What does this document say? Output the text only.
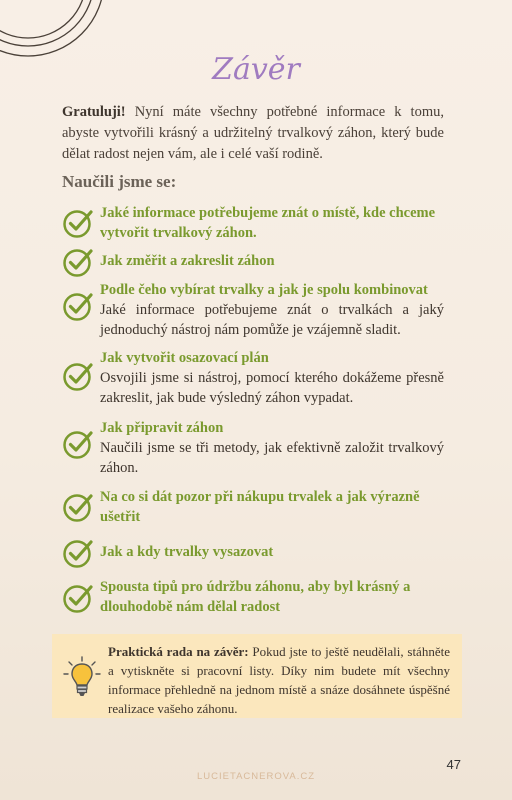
Závěr
Gratuluji! Nyní máte všechny potřebné informace k tomu, abyste vytvořili krásný a udržitelný trvalkový záhon, který bude dělat radost nejen vám, ale i celé vaší rodině.
Naučili jsme se:
Jaké informace potřebujeme znát o místě, kde chceme vytvořit trvalkový záhon.
Jak změřit a zakreslit záhon
Podle čeho vybírat trvalky a jak je spolu kombinovat
Jaké informace potřebujeme znát o trvalkách a jaký jednoduchý nástroj nám pomůže je vzájemně sladit.
Jak vytvořit osazovací plán
Osvojili jsme si nástroj, pomocí kterého dokážeme přesně zakreslit, jak bude výsledný záhon vypadat.
Jak připravit záhon
Naučili jsme se tři metody, jak efektivně založit trvalkový záhon.
Na co si dát pozor při nákupu trvalek a jak výrazně ušetřit
Jak a kdy trvalky vysazovat
Spousta tipů pro údržbu záhonu, aby byl krásný a dlouhodobě nám dělal radost
Praktická rada na závěr: Pokud jste to ještě neudělali, stáhněte a vytiskněte si pracovní listy. Díky nim budete mít všechny informace přehledně na jednom místě a snáze dosáhnete úspěšné realizace vašeho záhonu.
47
LUCIETACNEROVA.CZ
